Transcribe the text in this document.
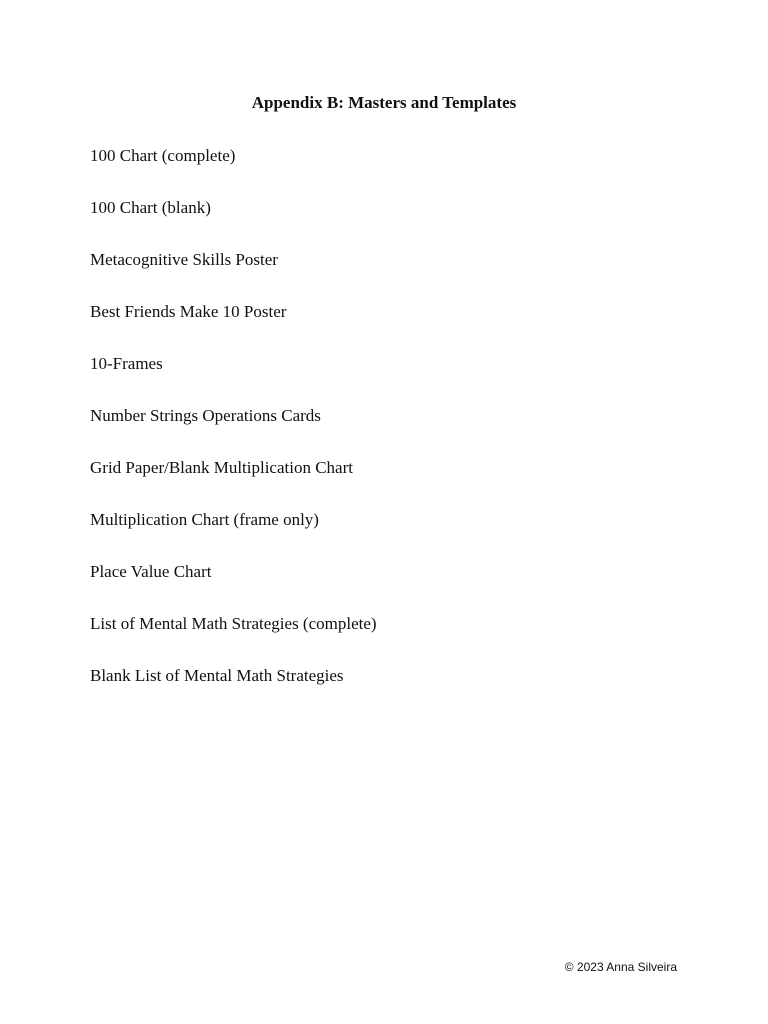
Appendix B: Masters and Templates
100 Chart (complete)
100 Chart (blank)
Metacognitive Skills Poster
Best Friends Make 10 Poster
10-Frames
Number Strings Operations Cards
Grid Paper/Blank Multiplication Chart
Multiplication Chart (frame only)
Place Value Chart
List of Mental Math Strategies (complete)
Blank List of Mental Math Strategies
© 2023 Anna Silveira
